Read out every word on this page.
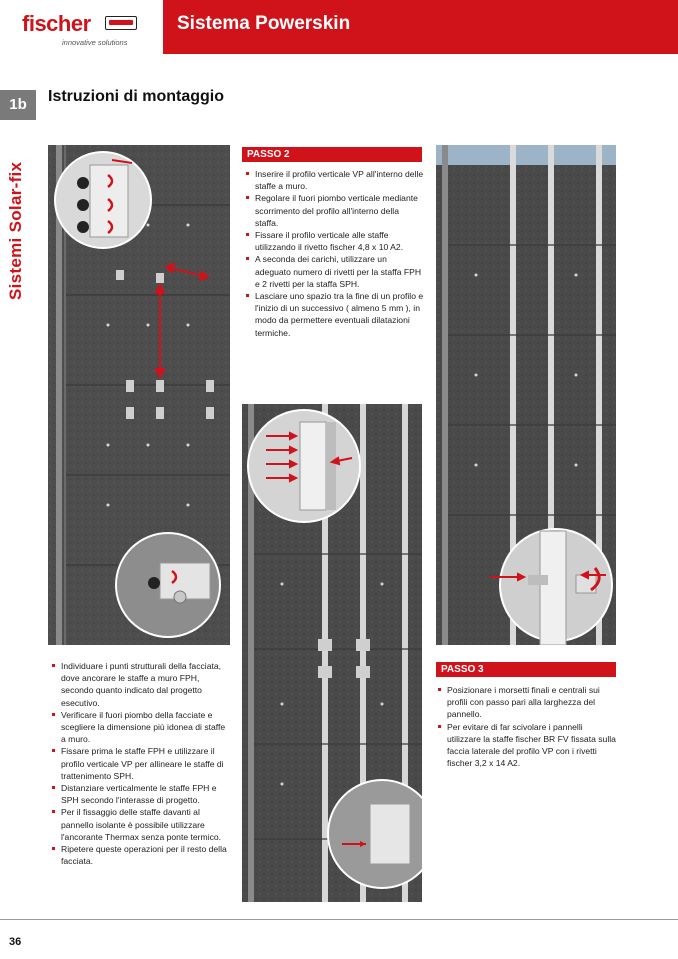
fischer
innovative solutions
Sistema Powerskin
1b
Sistemi Solar-fix
Istruzioni di montaggio
Individuare i punti strutturali della facciata, dove ancorare le staffe a muro FPH, secondo quanto indicato dal progetto esecutivo.
Verificare il fuori piombo della facciate e scegliere la dimensione più idonea di staffe a muro.
Fissare prima le staffe FPH e utilizzare il profilo verticale VP per allineare le staffe di trattenimento SPH.
Distanziare verticalmente le staffe FPH e SPH secondo l'interasse di progetto.
Per il fissaggio delle staffe davanti al pannello isolante è possibile utilizzare l'ancorante Thermax senza ponte termico.
Ripetere queste operazioni per il resto della facciata.
PASSO 2
Inserire il profilo verticale VP all'interno delle staffe a muro.
Regolare il fuori piombo verticale mediante scorrimento del profilo all'interno della staffa.
Fissare il profilo verticale alle staffe utilizzando il rivetto fischer 4,8 x 10 A2.
A seconda dei carichi, utilizzare un adeguato numero di rivetti per la staffa FPH e 2 rivetti per la staffa SPH.
Lasciare uno spazio tra la fine di un profilo e l'inizio di un successivo ( almeno 5 mm ), in modo da permettere eventuali dilatazioni termiche.
PASSO 3
Posizionare i morsetti finali e centrali sui profili con passo pari alla larghezza del pannello.
Per evitare di far scivolare i pannelli utilizzare la staffe fischer BR FV fissata sulla faccia laterale del profilo VP con i rivetti fischer 3,2 x 14 A2.
36
